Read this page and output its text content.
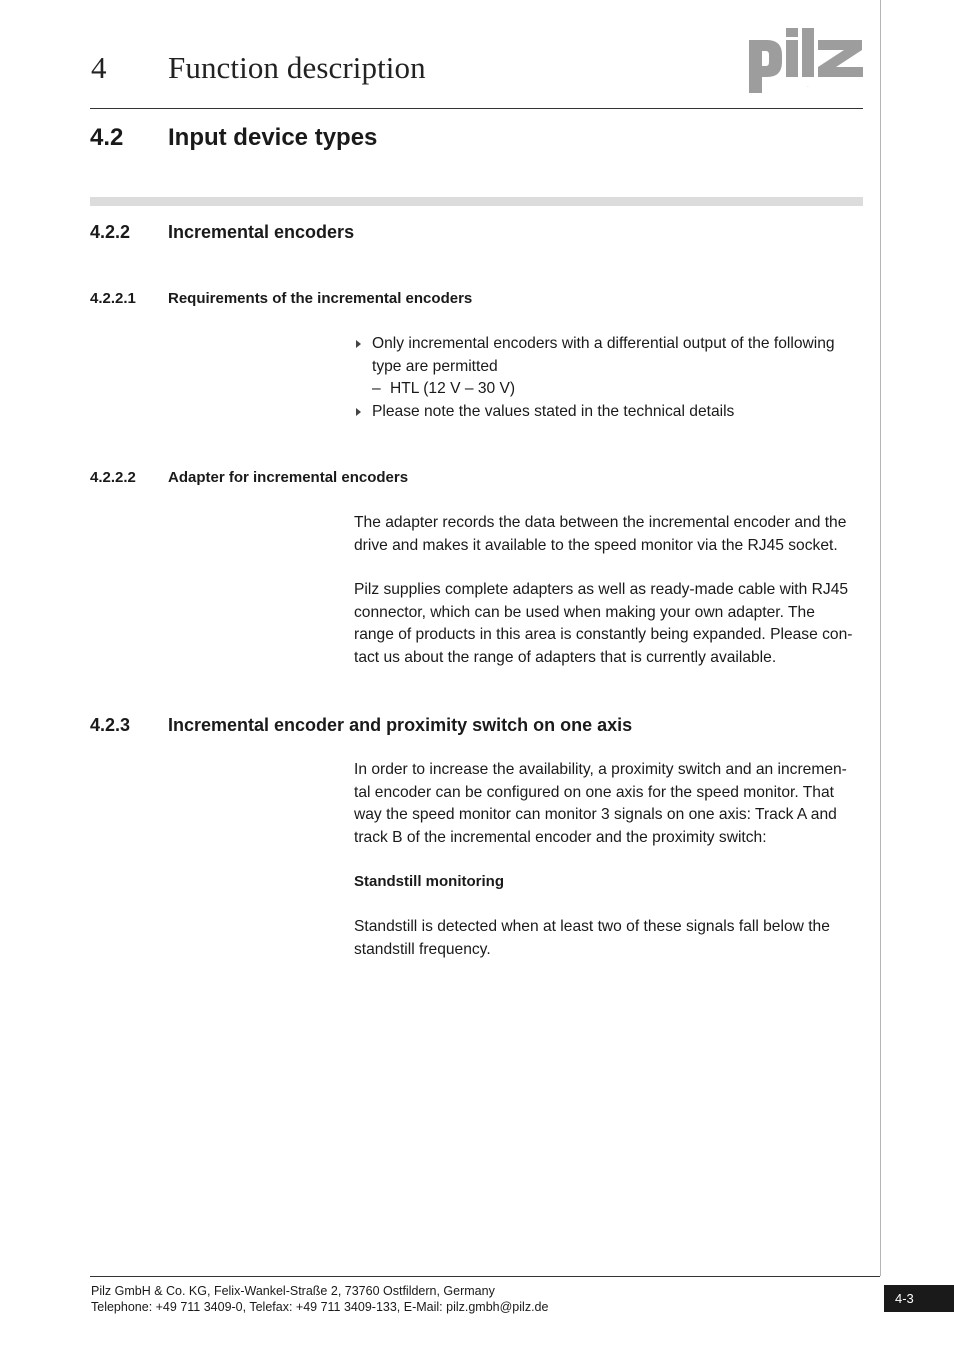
4 Function description
pilz
4.2 Input device types
4.2.2 Incremental encoders
4.2.2.1 Requirements of the incremental encoders
Only incremental encoders with a differential output of the following
type are permitted
– HTL (12 V – 30 V)
Please note the values stated in the technical details
4.2.2.2 Adapter for incremental encoders
The adapter records the data between the incremental encoder and the
drive and makes it available to the speed monitor via the RJ45 socket.
Pilz supplies complete adapters as well as ready-made cable with RJ45
connector, which can be used when making your own adapter. The
range of products in this area is constantly being expanded. Please con-
tact us about the range of adapters that is currently available.
4.2.3 Incremental encoder and proximity switch on one axis
In order to increase the availability, a proximity switch and an incremen-
tal encoder can be configured on one axis for the speed monitor. That
way the speed monitor can monitor 3 signals on one axis: Track A and
track B of the incremental encoder and the proximity switch:
Standstill monitoring
Standstill is detected when at least two of these signals fall below the
standstill frequency.
Pilz GmbH & Co. KG, Felix-Wankel-Straße 2, 73760 Ostfildern, Germany
Telephone: +49 711 3409-0, Telefax: +49 711 3409-133, E-Mail: pilz.gmbh@pilz.de
4-3
